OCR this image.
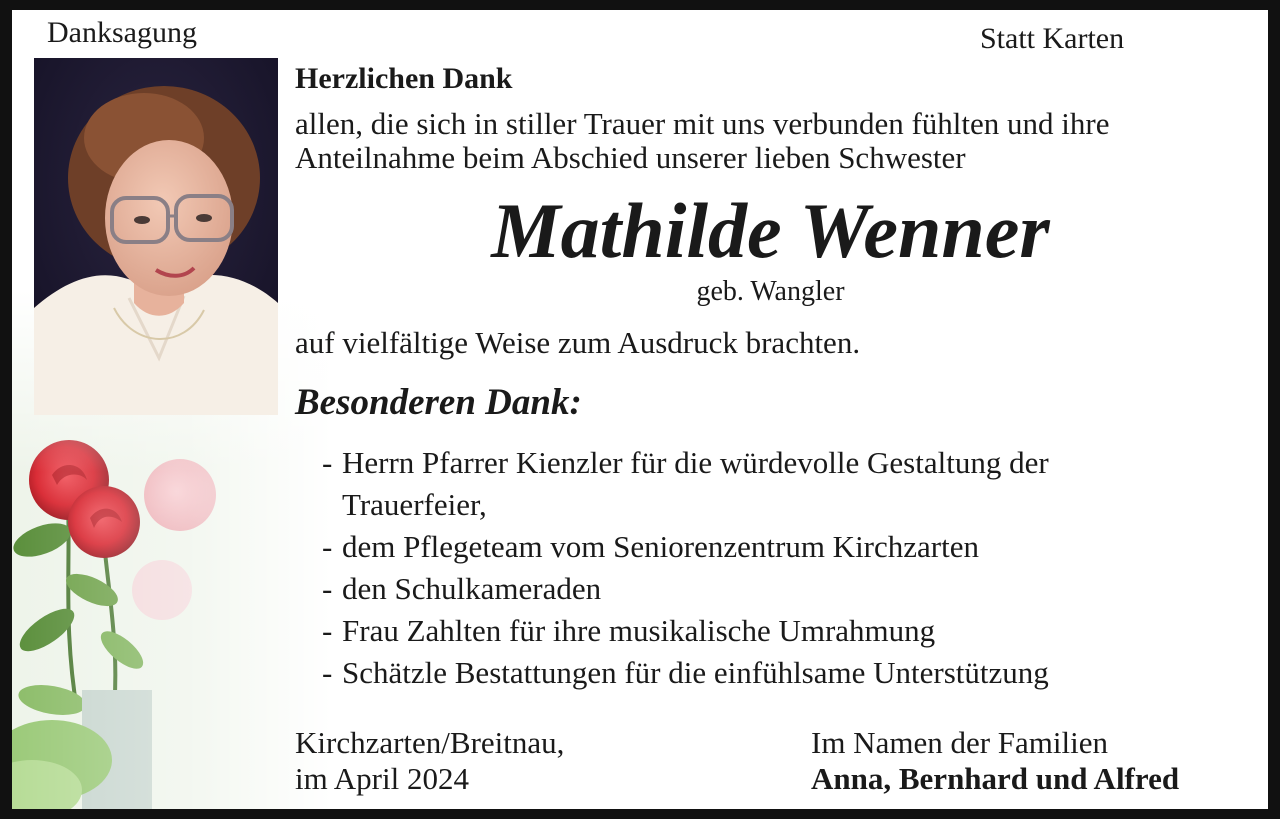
Danksagung	Statt Karten
Herzlichen Dank
allen, die sich in stiller Trauer mit uns verbunden fühlten und ihre
Anteilnahme beim Abschied unserer lieben Schwester
Mathilde Wenner
geb. Wangler
auf vielfältige Weise zum Ausdruck brachten.
Besonderen Dank:
- Herrn Pfarrer Kienzler für die würdevolle Gestaltung der Trauerfeier,
- dem Pflegeteam vom Seniorenzentrum Kirchzarten
- den Schulkameraden
- Frau Zahlten für ihre musikalische Umrahmung
- Schätzle Bestattungen für die einfühlsame Unterstützung
Kirchzarten/Breitnau,
im April 2024
Im Namen der Familien
Anna, Bernhard und Alfred
